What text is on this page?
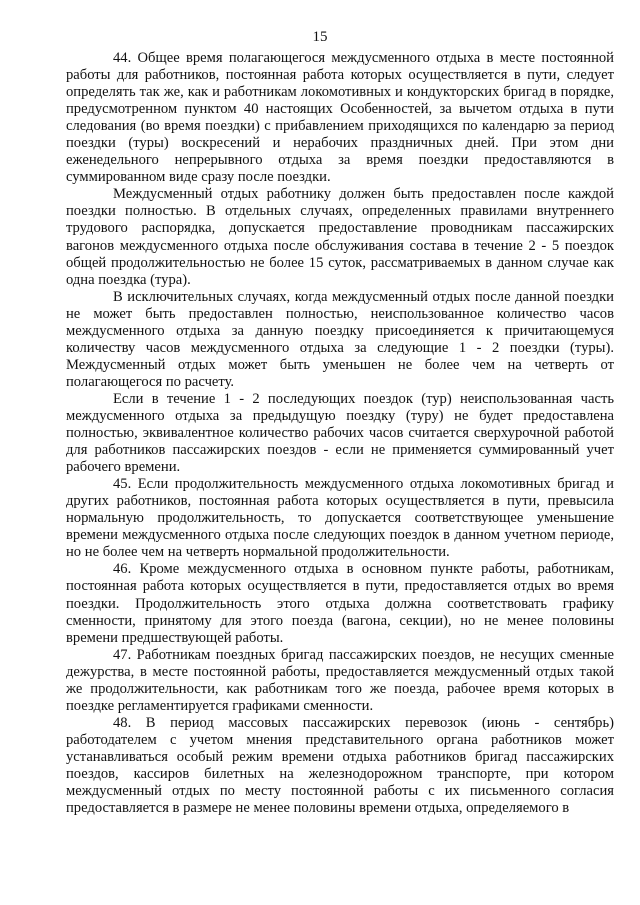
15

44. Общее время полагающегося междусменного отдыха в месте постоянной работы для работников, постоянная работа которых осуществляется в пути, следует определять так же, как и работникам локомотивных и кондукторских бригад в порядке, предусмотренном пунктом 40 настоящих Особенностей, за вычетом отдыха в пути следования (во время поездки) с прибавлением приходящихся по календарю за период поездки (туры) воскресений и нерабочих праздничных дней. При этом дни еженедельного непрерывного отдыха за время поездки предоставляются в суммированном виде сразу после поездки.

Междусменный отдых работнику должен быть предоставлен после каждой поездки полностью. В отдельных случаях, определенных правилами внутреннего трудового распорядка, допускается предоставление проводникам пассажирских вагонов междусменного отдыха после обслуживания состава в течение 2 - 5 поездок общей продолжительностью не более 15 суток, рассматриваемых в данном случае как одна поездка (тура).

В исключительных случаях, когда междусменный отдых после данной поездки не может быть предоставлен полностью, неиспользованное количество часов междусменного отдыха за данную поездку присоединяется к причитающемуся количеству часов междусменного отдыха за следующие 1 - 2 поездки (туры). Междусменный отдых может быть уменьшен не более чем на четверть от полагающегося по расчету.

Если в течение 1 - 2 последующих поездок (тур) неиспользованная часть междусменного отдыха за предыдущую поездку (туру) не будет предоставлена полностью, эквивалентное количество рабочих часов считается сверхурочной работой для работников пассажирских поездов - если не применяется суммированный учет рабочего времени.

45. Если продолжительность междусменного отдыха локомотивных бригад и других работников, постоянная работа которых осуществляется в пути, превысила нормальную продолжительность, то допускается соответствующее уменьшение времени междусменного отдыха после следующих поездок в данном учетном периоде, но не более чем на четверть нормальной продолжительности.

46. Кроме междусменного отдыха в основном пункте работы, работникам, постоянная работа которых осуществляется в пути, предоставляется отдых во время поездки. Продолжительность этого отдыха должна соответствовать графику сменности, принятому для этого поезда (вагона, секции), но не менее половины времени предшествующей работы.

47. Работникам поездных бригад пассажирских поездов, не несущих сменные дежурства, в месте постоянной работы, предоставляется междусменный отдых такой же продолжительности, как работникам того же поезда, рабочее время которых в поездке регламентируется графиками сменности.

48. В период массовых пассажирских перевозок (июнь - сентябрь) работодателем с учетом мнения представительного органа работников может устанавливаться особый режим времени отдыха работников бригад пассажирских поездов, кассиров билетных на железнодорожном транспорте, при котором междусменный отдых по месту постоянной работы с их письменного согласия предоставляется в размере не менее половины времени отдыха, определяемого в
